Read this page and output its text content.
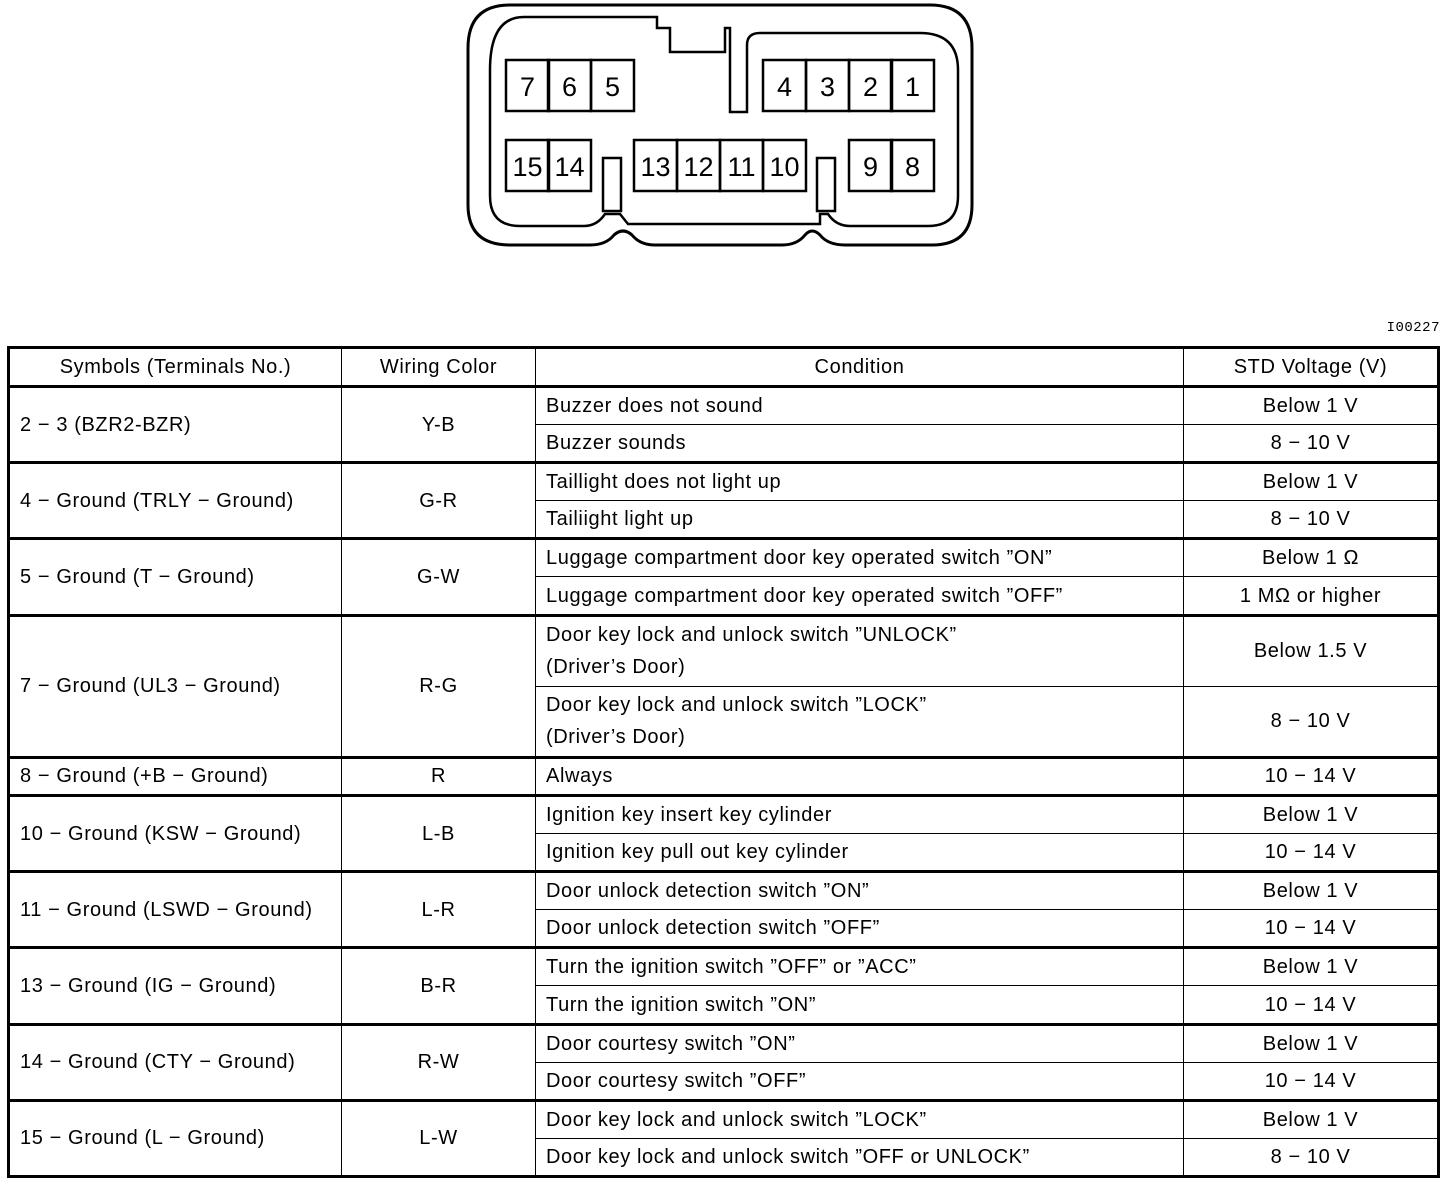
7 6 5	4 3 2 1
15 14 13 12 11 10 9 8
I00227
Symbols (Terminals No.)	Wiring Color	Condition	STD Voltage (V)
2 − 3 (BZR2-BZR)	Y-B	Buzzer does not sound	Below 1 V

		Buzzer sounds	8 − 10 V
4 − Ground (TRLY − Ground)	G-R	Taillight does not light up	Below 1 V

		Tailiight light up	8 − 10 V
5 − Ground (T − Ground)	G-W	Luggage compartment door key operated switch ”ON”	Below 1 Ω

		Luggage compartment door key operated switch ”OFF”	1 MΩ or higher
7 − Ground (UL3 − Ground)	R-G	Door key lock and unlock switch ”UNLOCK”
(Driver’s Door)	Below 1.5 V

		Door key lock and unlock switch ”LOCK”
(Driver’s Door)	8 − 10 V
8 − Ground (+B − Ground)	R	Always	10 − 14 V
10 − Ground (KSW − Ground)	L-B	Ignition key insert key cylinder	Below 1 V

		Ignition key pull out key cylinder	10 − 14 V
11 − Ground (LSWD − Ground)	L-R	Door unlock detection switch ”ON”	Below 1 V

		Door unlock detection switch ”OFF”	10 − 14 V
13 − Ground (IG − Ground)	B-R	Turn the ignition switch ”OFF” or ”ACC”	Below 1 V

		Turn the ignition switch ”ON”	10 − 14 V
14 − Ground (CTY − Ground)	R-W	Door courtesy switch ”ON”	Below 1 V

		Door courtesy switch ”OFF”	10 − 14 V
15 − Ground (L − Ground)	L-W	Door key lock and unlock switch ”LOCK”	Below 1 V

		Door key lock and unlock switch ”OFF or UNLOCK”	8 − 10 V
